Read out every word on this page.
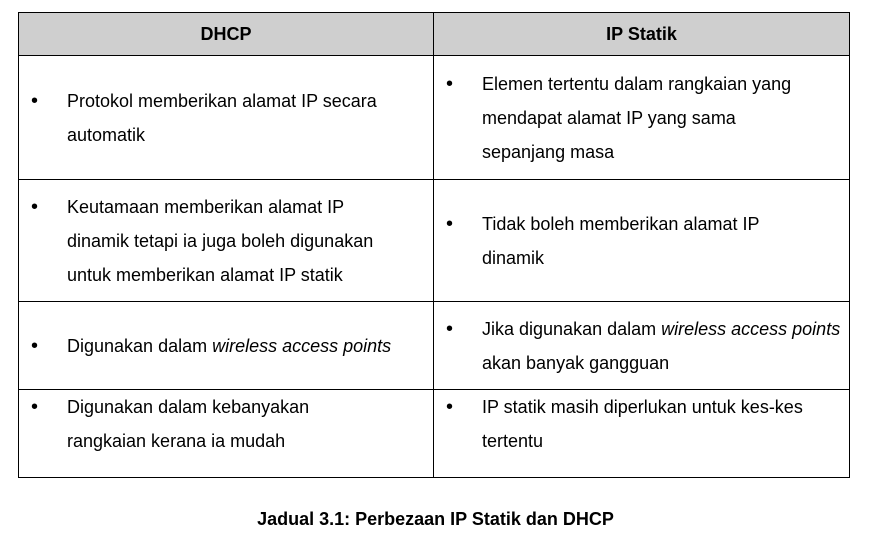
DHCP	IP Statik

• Protokol memberikan alamat IP secara automatik	• Elemen tertentu dalam rangkaian yang mendapat alamat IP yang sama sepanjang masa

• Keutamaan memberikan alamat IP dinamik tetapi ia juga boleh digunakan untuk memberikan alamat IP statik	• Tidak boleh memberikan alamat IP dinamik

• Digunakan dalam wireless access points	• Jika digunakan dalam wireless access points akan banyak gangguan

• Digunakan dalam kebanyakan rangkaian kerana ia mudah	• IP statik masih diperlukan untuk kes-kes tertentu
Jadual 3.1: Perbezaan IP Statik dan DHCP
